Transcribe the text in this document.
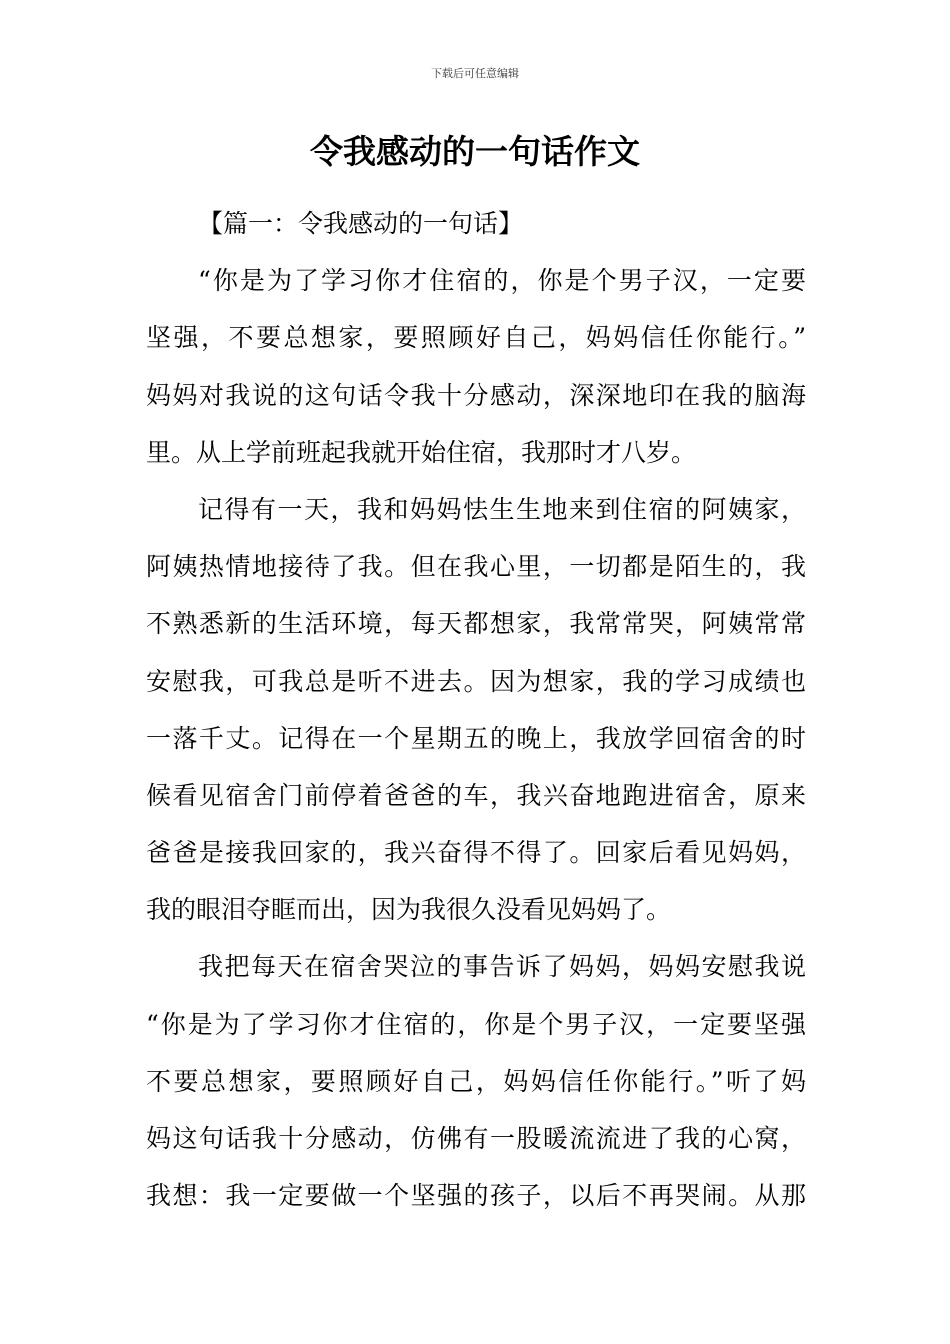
下载后可任意编辑
令我感动的一句话作文
【篇一：令我感动的一句话】
“你是为了学习你才住宿的，你是个男子汉，一定要
坚强，不要总想家，要照顾好自己，妈妈信任你能行。”
妈妈对我说的这句话令我十分感动，深深地印在我的脑海
里。从上学前班起我就开始住宿，我那时才八岁。
记得有一天，我和妈妈怯生生地来到住宿的阿姨家，
阿姨热情地接待了我。但在我心里，一切都是陌生的，我
不熟悉新的生活环境，每天都想家，我常常哭，阿姨常常
安慰我，可我总是听不进去。因为想家，我的学习成绩也
一落千丈。记得在一个星期五的晚上，我放学回宿舍的时
候看见宿舍门前停着爸爸的车，我兴奋地跑进宿舍，原来
爸爸是接我回家的，我兴奋得不得了。回家后看见妈妈，
我的眼泪夺眶而出，因为我很久没看见妈妈了。
我把每天在宿舍哭泣的事告诉了妈妈，妈妈安慰我说
“你是为了学习你才住宿的，你是个男子汉，一定要坚强
不要总想家，要照顾好自己，妈妈信任你能行。”听了妈
妈这句话我十分感动，仿佛有一股暖流流进了我的心窝，
我想：我一定要做一个坚强的孩子，以后不再哭闹。从那
